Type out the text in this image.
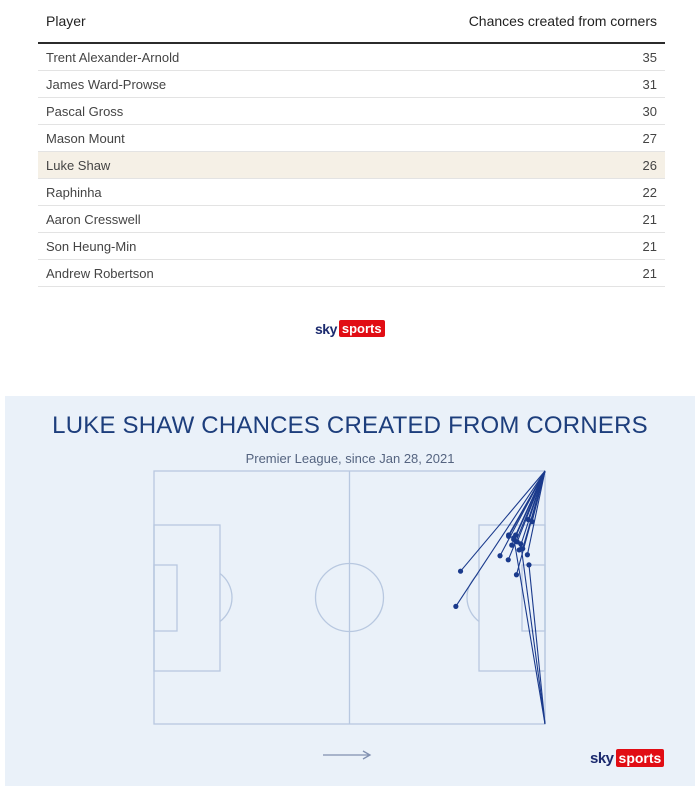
Player	Chances created from corners
Trent Alexander-Arnold	35
James Ward-Prowse	31
Pascal Gross	30
Mason Mount	27
Luke Shaw	26
Raphinha	22
Aaron Cresswell	21
Son Heung-Min	21
Andrew Robertson	21
sky sports
LUKE SHAW CHANCES CREATED FROM CORNERS
Premier League, since Jan 28, 2021
sky sports
